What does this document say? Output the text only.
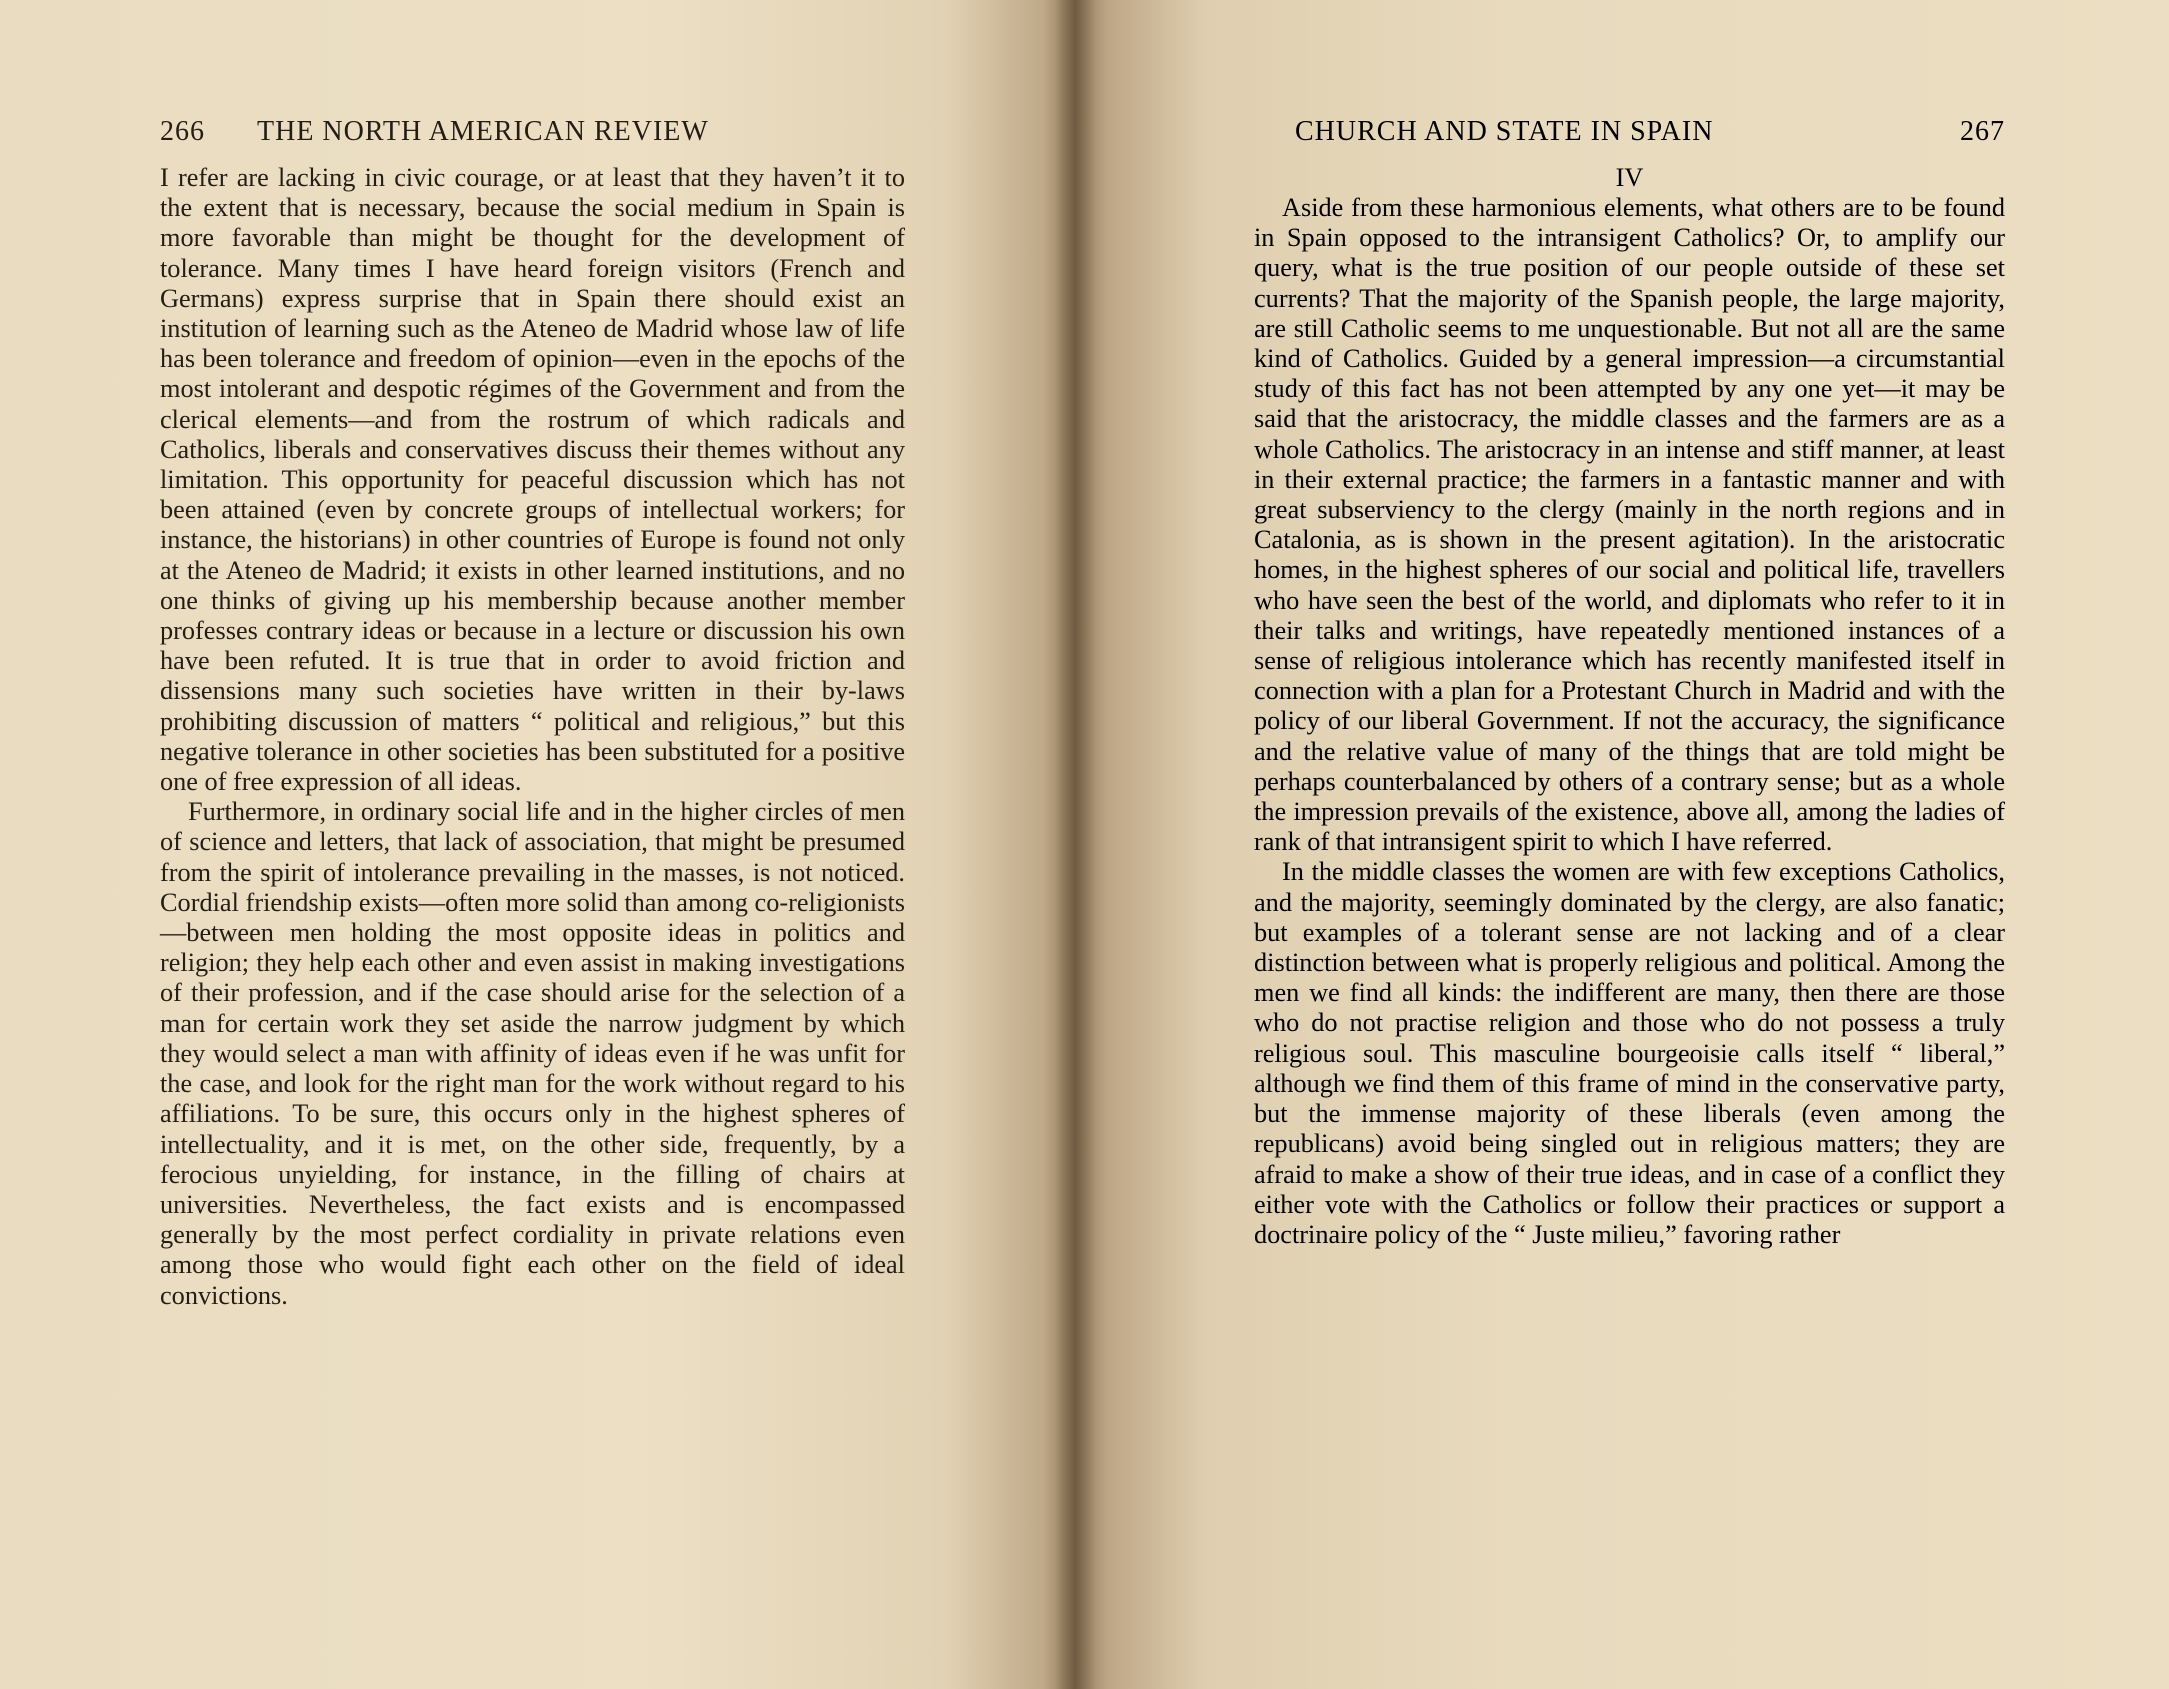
266	THE NORTH AMERICAN REVIEW

I refer are lacking in civic courage, or at least that they haven’t it to the extent that is necessary, because the social medium in Spain is more favorable than might be thought for the development of tolerance. Many times I have heard foreign visitors (French and Germans) express surprise that in Spain there should exist an institution of learning such as the Ateneo de Madrid whose law of life has been tolerance and freedom of opinion—even in the epochs of the most intolerant and despotic régimes of the Government and from the clerical elements—and from the rostrum of which radicals and Catholics, liberals and conservatives discuss their themes without any limitation. This opportunity for peaceful discussion which has not been attained (even by concrete groups of intellectual workers; for instance, the historians) in other countries of Europe is found not only at the Ateneo de Madrid; it exists in other learned institutions, and no one thinks of giving up his membership because another member professes contrary ideas or because in a lecture or discussion his own have been refuted. It is true that in order to avoid friction and dissensions many such societies have written in their by-laws prohibiting discussion of matters “ political and religious,” but this negative tolerance in other societies has been substituted for a positive one of free expression of all ideas.

Furthermore, in ordinary social life and in the higher circles of men of science and letters, that lack of association, that might be presumed from the spirit of intolerance prevailing in the masses, is not noticed. Cordial friendship exists—often more solid than among co-religionists—between men holding the most opposite ideas in politics and religion; they help each other and even assist in making investigations of their profession, and if the case should arise for the selection of a man for certain work they set aside the narrow judgment by which they would select a man with affinity of ideas even if he was unfit for the case, and look for the right man for the work without regard to his affiliations. To be sure, this occurs only in the highest spheres of intellectuality, and it is met, on the other side, frequently, by a ferocious unyielding, for instance, in the filling of chairs at universities. Nevertheless, the fact exists and is encompassed generally by the most perfect cordiality in private relations even among those who would fight each other on the field of ideal convictions.

CHURCH AND STATE IN SPAIN	267
IV

Aside from these harmonious elements, what others are to be found in Spain opposed to the intransigent Catholics? Or, to amplify our query, what is the true position of our people outside of these set currents? That the majority of the Spanish people, the large majority, are still Catholic seems to me unquestionable. But not all are the same kind of Catholics. Guided by a general impression—a circumstantial study of this fact has not been attempted by any one yet—it may be said that the aristocracy, the middle classes and the farmers are as a whole Catholics. The aristocracy in an intense and stiff manner, at least in their external practice; the farmers in a fantastic manner and with great subserviency to the clergy (mainly in the north regions and in Catalonia, as is shown in the present agitation). In the aristocratic homes, in the highest spheres of our social and political life, travellers who have seen the best of the world, and diplomats who refer to it in their talks and writings, have repeatedly mentioned instances of a sense of religious intolerance which has recently manifested itself in connection with a plan for a Protestant Church in Madrid and with the policy of our liberal Government. If not the accuracy, the significance and the relative value of many of the things that are told might be perhaps counterbalanced by others of a contrary sense; but as a whole the impression prevails of the existence, above all, among the ladies of rank of that intransigent spirit to which I have referred.

In the middle classes the women are with few exceptions Catholics, and the majority, seemingly dominated by the clergy, are also fanatic; but examples of a tolerant sense are not lacking and of a clear distinction between what is properly religious and political. Among the men we find all kinds: the indifferent are many, then there are those who do not practise religion and those who do not possess a truly religious soul. This masculine bourgeoisie calls itself “ liberal,” although we find them of this frame of mind in the conservative party, but the immense majority of these liberals (even among the republicans) avoid being singled out in religious matters; they are afraid to make a show of their true ideas, and in case of a conflict they either vote with the Catholics or follow their practices or support a doctrinaire policy of the “ Juste milieu,” favoring rather
